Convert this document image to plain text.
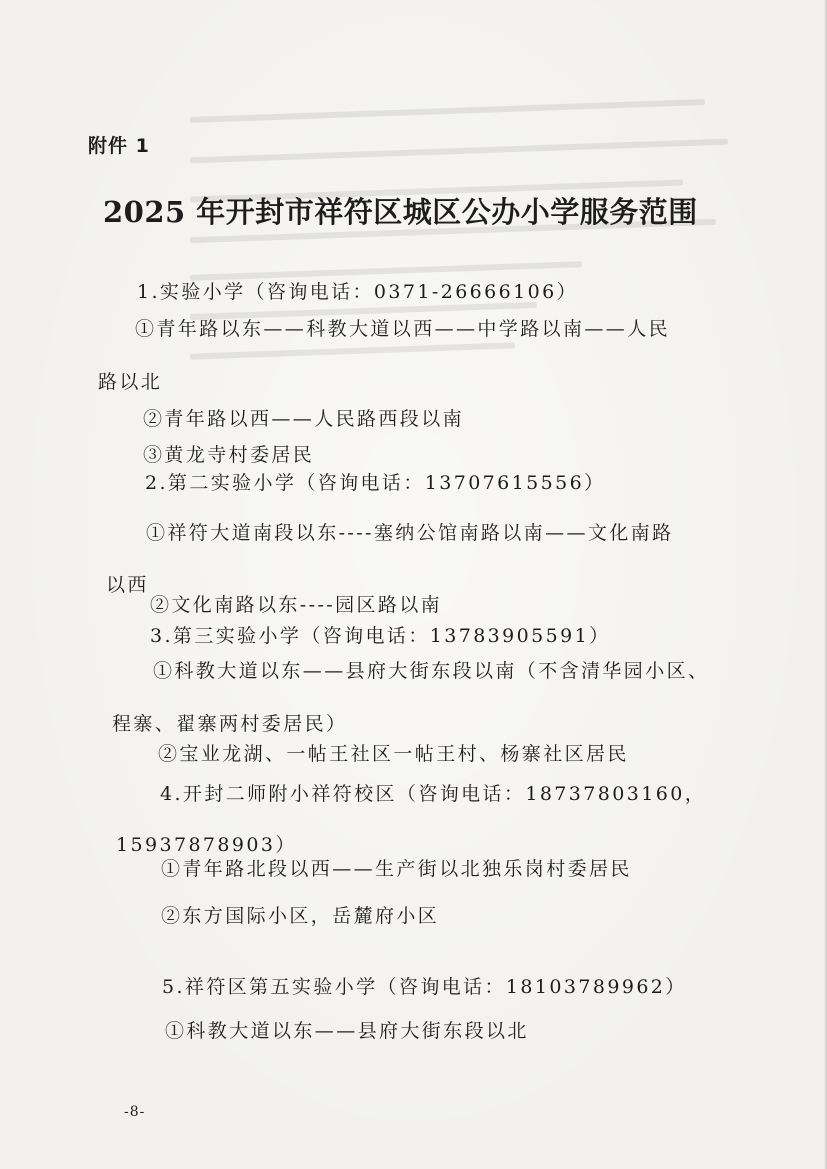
附件 1
2025 年开封市祥符区城区公办小学服务范围
1.实验小学（咨询电话：0371-26666106）
①青年路以东——科教大道以西——中学路以南——人民
路以北
②青年路以西——人民路西段以南
③黄龙寺村委居民
2.第二实验小学（咨询电话：13707615556）
①祥符大道南段以东----塞纳公馆南路以南——文化南路
以西
②文化南路以东----园区路以南
3.第三实验小学（咨询电话：13783905591）
①科教大道以东——县府大街东段以南（不含清华园小区、
程寨、翟寨两村委居民）
②宝业龙湖、一帖王社区一帖王村、杨寨社区居民
4.开封二师附小祥符校区（咨询电话：18737803160，
15937878903）
①青年路北段以西——生产街以北独乐岗村委居民
②东方国际小区，岳麓府小区
5.祥符区第五实验小学（咨询电话：18103789962）
①科教大道以东——县府大街东段以北
-8-
